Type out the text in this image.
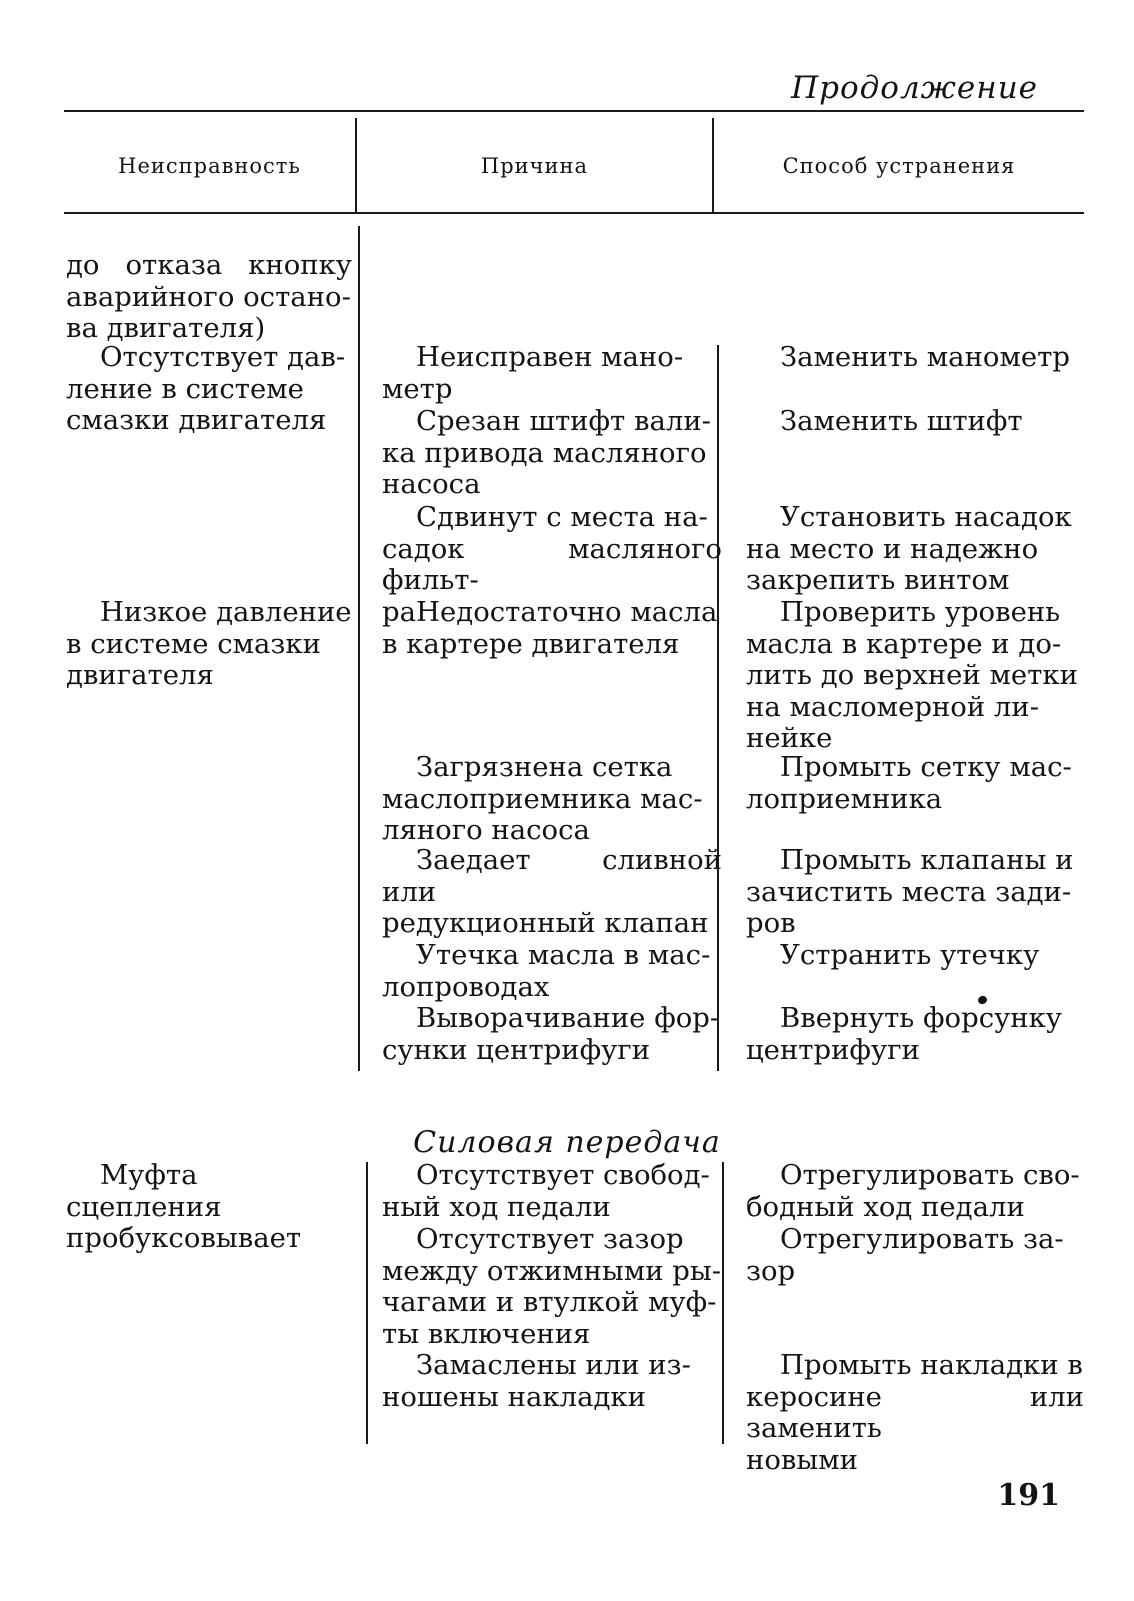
Продолжение
Неисправность	Причина	Способ устранения

до отказа кнопку аварийного остано-
ва двигателя)

Отсутствует дав-
ление в системе
смазки двигателя

Неисправен мано-
метр

Заменить манометр

Срезан штифт вали-
ка привода масляного
насоса

Заменить штифт

Сдвинут с места на-
садок масляного фильт-
ра

Установить насадок
на место и надежно
закрепить винтом

Низкое давление
в системе смазки
двигателя

Недостаточно масла
в картере двигателя

Проверить уровень
масла в картере и до-
лить до верхней метки
на масломерной ли-
нейке

Загрязнена сетка
маслоприемника мас-
ляного насоса

Промыть сетку мас-
лоприемника

Заедает сливной или
редукционный клапан

Промыть клапаны и
зачистить места зади-
ров

Утечка масла в мас-
лопроводах

Устранить утечку

Выворачивание фор-
сунки центрифуги

Ввернуть форсунку
центрифуги

Силовая передача

Муфта сцепления
пробуксовывает

Отсутствует свобод-
ный ход педали

Отрегулировать сво-
бодный ход педали

Отсутствует зазор
между отжимными ры-
чагами и втулкой муф-
ты включения

Отрегулировать за-
зор

Замаслены или из-
ношены накладки

Промыть накладки в
керосине или заменить
новыми

191
